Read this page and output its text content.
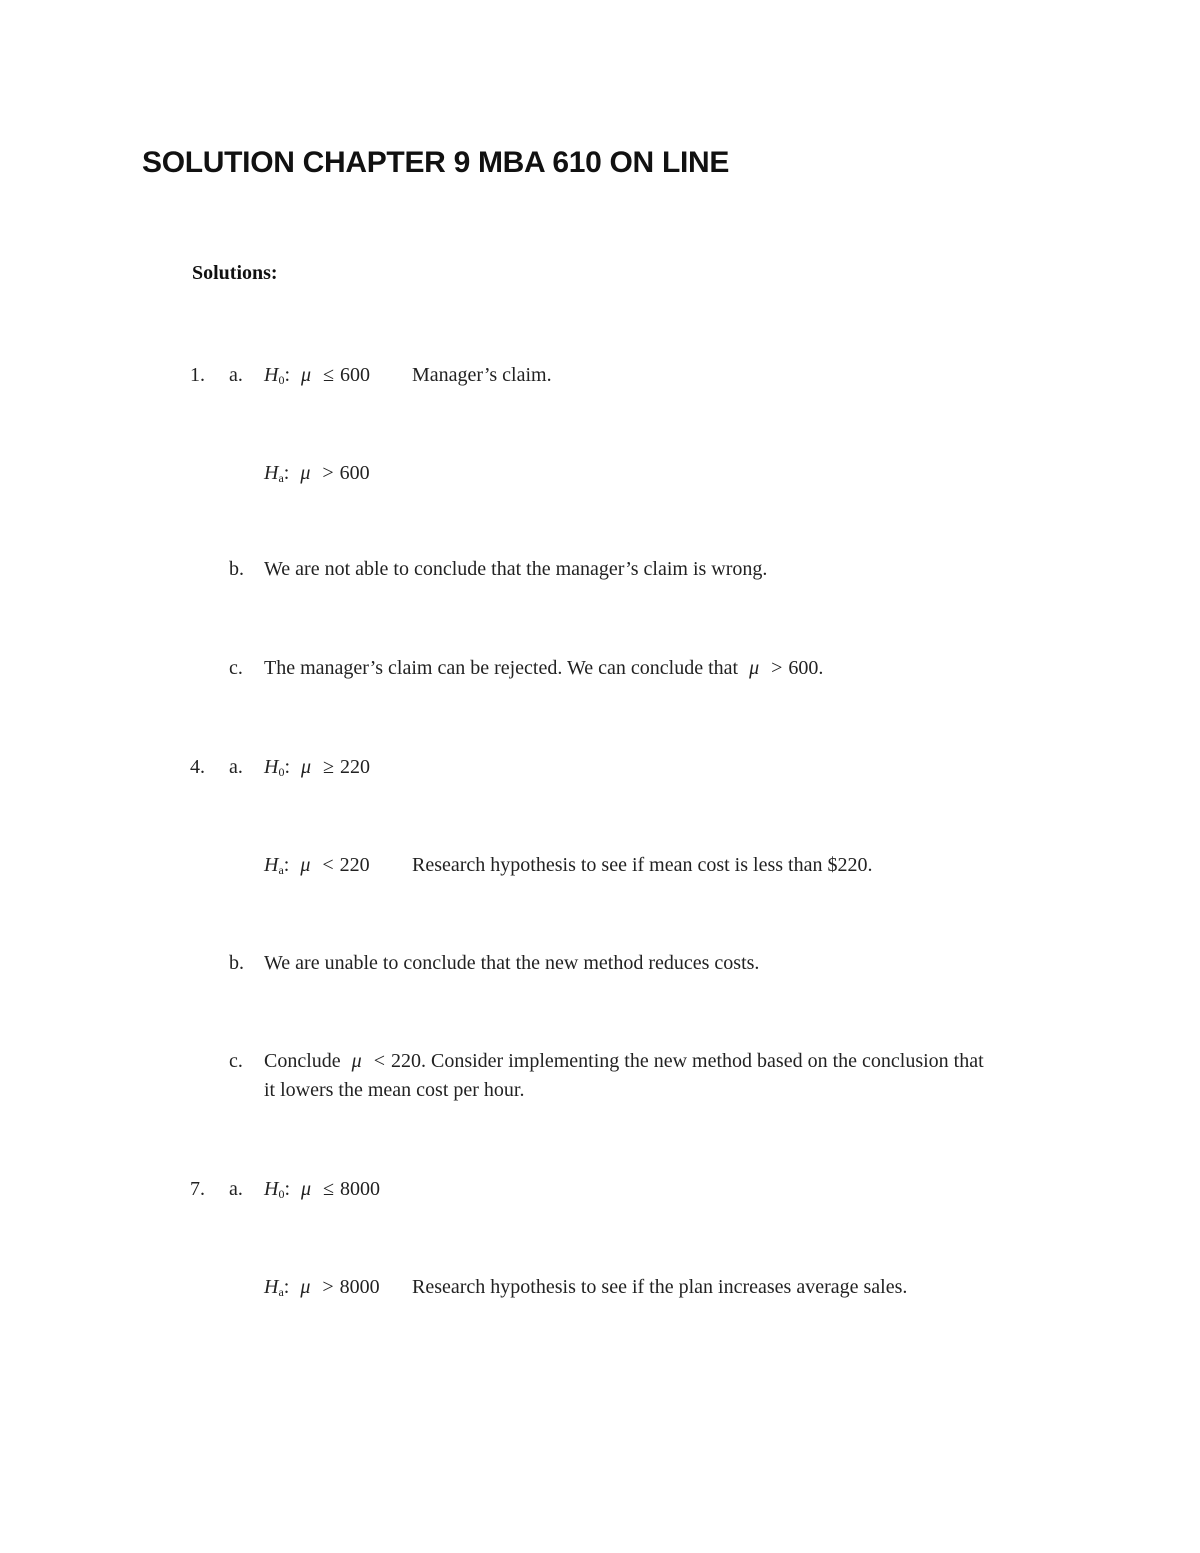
SOLUTION CHAPTER 9 MBA 610 ON LINE
Solutions:
1. a. $H_0$: μ ≤ 600 Manager’s claim.
$H_a$: μ > 600
b. We are not able to conclude that the manager’s claim is wrong.
c. The manager’s claim can be rejected. We can conclude that μ > 600.
4. a. $H_0$: μ ≥ 220
$H_a$: μ < 220 Research hypothesis to see if mean cost is less than $220.
b. We are unable to conclude that the new method reduces costs.
c. Conclude μ < 220. Consider implementing the new method based on the conclusion that
it lowers the mean cost per hour.
7. a. $H_0$: μ ≤ 8000
$H_a$: μ > 8000 Research hypothesis to see if the plan increases average sales.
